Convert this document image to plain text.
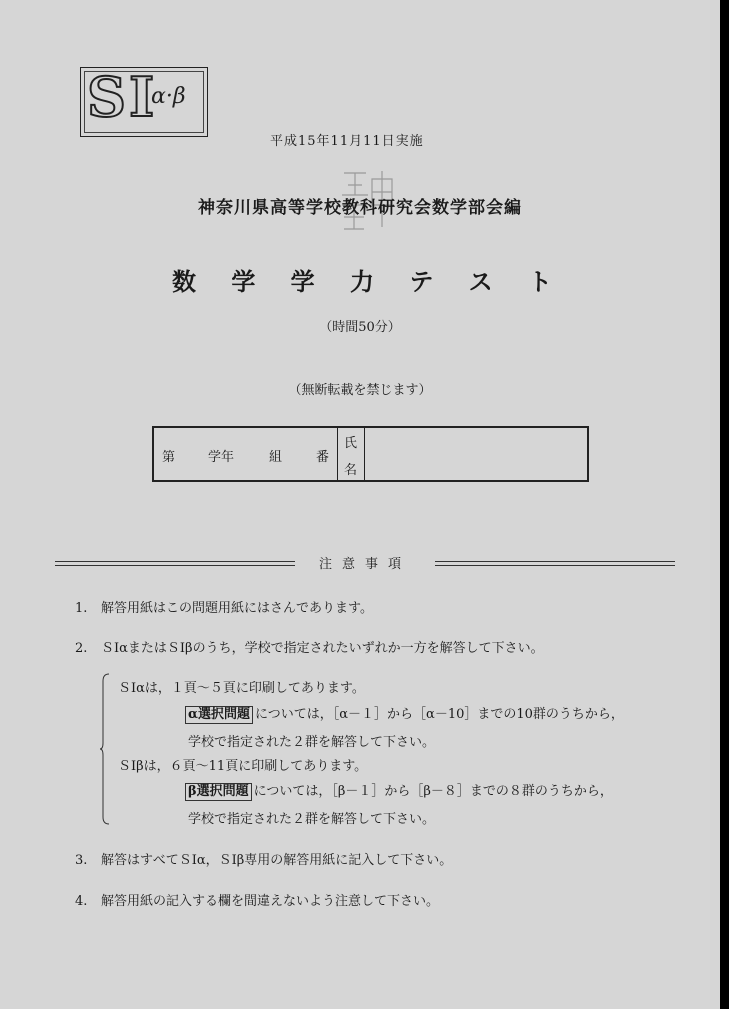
S I
α·β
平成15年11月11日実施
神奈川県高等学校教科研究会数学部会編
数 学 学 力 テ ス ト
（時間50分）
（無断転載を禁じます）
第	学年	組	番
氏
名
注意事項
1. 解答用紙はこの問題用紙にはさんであります。
2. ＳⅠαまたはＳⅠβのうち，学校で指定されたいずれか一方を解答して下さい。
ＳⅠαは，１頁～５頁に印刷してあります。
α選択問題 については，［α－１］から［α－10］までの10群のうちから，
学校で指定された２群を解答して下さい。
ＳⅠβは，６頁～11頁に印刷してあります。
β選択問題 については，［β－１］から［β－８］までの８群のうちから，
学校で指定された２群を解答して下さい。
3. 解答はすべてＳⅠα，ＳⅠβ専用の解答用紙に記入して下さい。
4. 解答用紙の記入する欄を間違えないよう注意して下さい。
